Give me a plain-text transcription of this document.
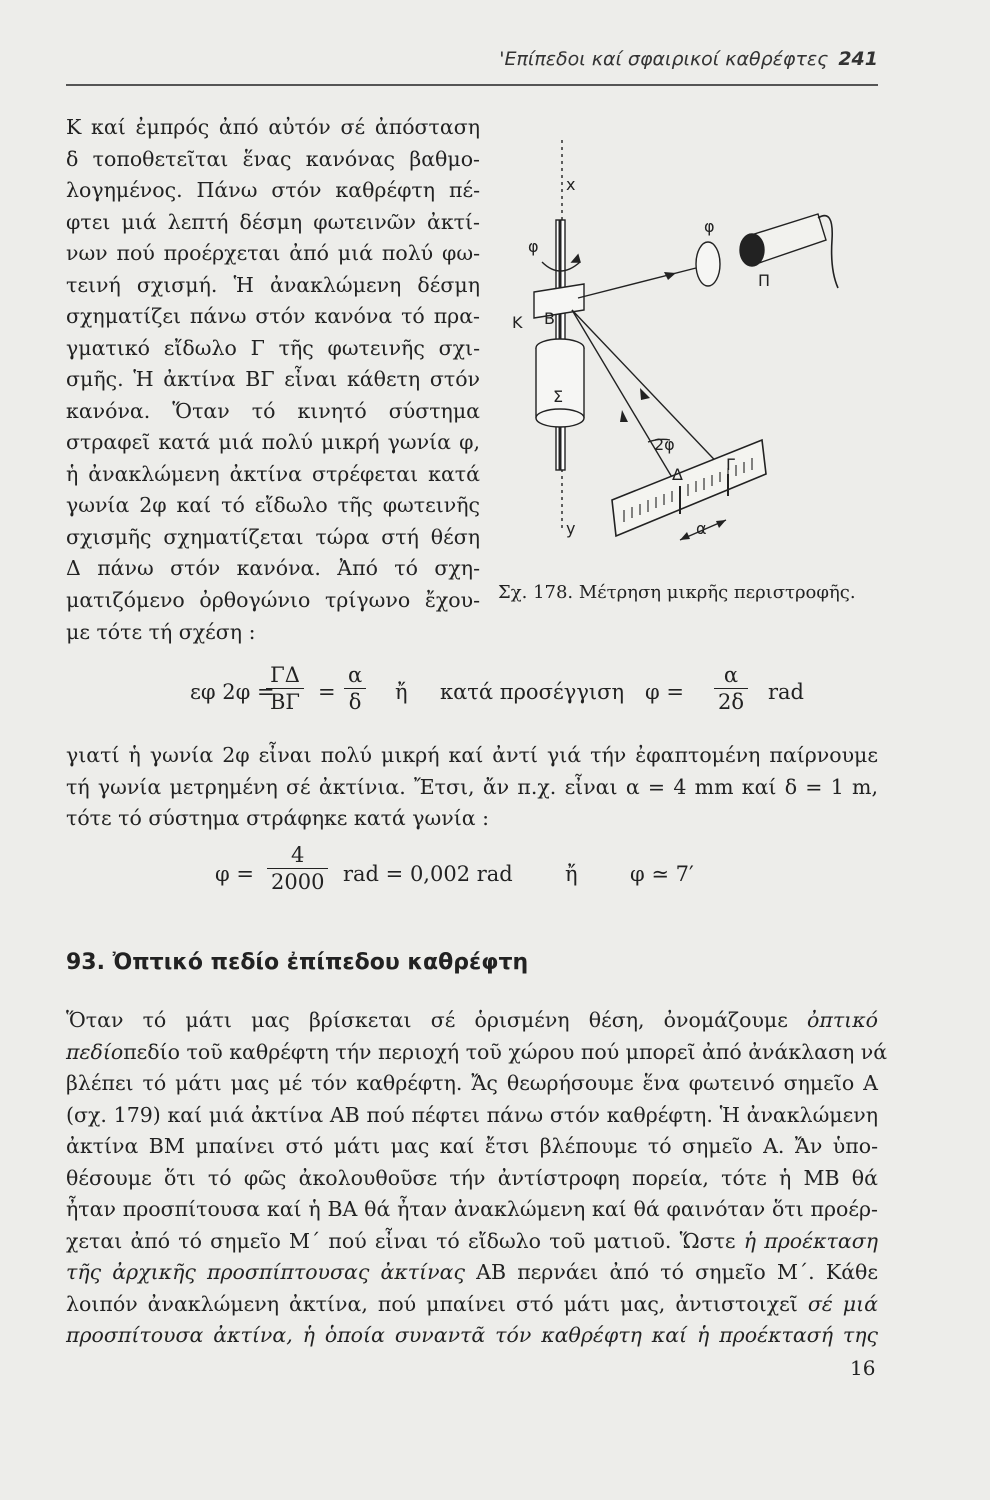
'Επίπεδοι καί σφαιρικοί καθρέφτες 241
Κ καί ἐμπρός ἀπό αὐτόν σέ ἀπόσταση
δ τοποθετεῖται ἕνας κανόνας βαθμο-
λογημένος. Πάνω στόν καθρέφτη πέ-
φτει μιά λεπτή δέσμη φωτεινῶν ἀκτί-
νων πού προέρχεται ἀπό μιά πολύ φω-
τεινή σχισμή. Ἡ ἀνακλώμενη δέσμη
σχηματίζει πάνω στόν κανόνα τό πρα-
γματικό εἴδωλο Γ τῆς φωτεινῆς σχι-
σμῆς. Ἡ ἀκτίνα ΒΓ εἶναι κάθετη στόν
κανόνα. Ὅταν τό κινητό σύστημα
στραφεῖ κατά μιά πολύ μικρή γωνία φ,
ἡ ἀνακλώμενη ἀκτίνα στρέφεται κατά
γωνία 2φ καί τό εἴδωλο τῆς φωτεινῆς
σχισμῆς σχηματίζεται τώρα στή θέση
Δ πάνω στόν κανόνα. Ἀπό τό σχη-
ματιζόμενο ὀρθογώνιο τρίγωνο ἔχου-
x
y
φ
K B
Σ
φ
Π
2φ
Δ
Γ
α
Σχ. 178. Μέτρηση μικρῆς περιστροφῆς.
με τότε τή σχέση :
εφ 2φ =
$\frac{\Gamma\Delta}{B\Gamma} = \frac{\alpha}{\delta}$ ἤ κατά προσέγγιση $\varphi = \frac{\alpha}{2\delta}$ rad
γιατί ἡ γωνία 2φ εἶναι πολύ μικρή καί ἀντί γιά τήν ἐφαπτομένη παίρνουμε
τή γωνία μετρημένη σέ ἀκτίνια. Ἔτσι, ἄν π.χ. εἶναι α = 4 mm καί δ = 1 m,
τότε τό σύστημα στράφηκε κατά γωνία :
$\varphi = \frac{4}{2000}$ rad = 0,002 rad ἤ φ ≃ 7′
93. Ὀπτικό πεδίο ἐπίπεδου καθρέφτη
Ὅταν τό μάτι μας βρίσκεται σέ ὁρισμένη θέση, ὀνομάζουμε ὀπτικό
πεδίοπεδίο τοῦ καθρέφτη τήν περιοχή τοῦ χώρου πού μπορεῖ ἀπό ἀνάκλαση νά
βλέπει τό μάτι μας μέ τόν καθρέφτη. Ἄς θεωρήσουμε ἕνα φωτεινό σημεῖο Α
(σχ. 179) καί μιά ἀκτίνα ΑΒ πού πέφτει πάνω στόν καθρέφτη. Ἡ ἀνακλώμενη
ἀκτίνα ΒΜ μπαίνει στό μάτι μας καί ἔτσι βλέπουμε τό σημεῖο Α. Ἄν ὑπο-
θέσουμε ὅτι τό φῶς ἀκολουθοῦσε τήν ἀντίστροφη πορεία, τότε ἡ ΜΒ θά
ἦταν προσπίτουσα καί ἡ ΒΑ θά ἦταν ἀνακλώμενη καί θά φαινόταν ὅτι προέρ-
χεται ἀπό τό σημεῖο Μ΄ πού εἶναι τό εἴδωλο τοῦ ματιοῦ. Ὥστε ἡ προέκταση
τῆς ἀρχικῆς προσπίπτουσας ἀκτίνας ΑΒ περνάει ἀπό τό σημεῖο Μ΄. Κάθε
λοιπόν ἀνακλώμενη ἀκτίνα, πού μπαίνει στό μάτι μας, ἀντιστοιχεῖ σέ μιά
προσπίτουσα ἀκτίνα, ἡ ὁποία συναντᾶ τόν καθρέφτη καί ἡ προέκτασή της
16
